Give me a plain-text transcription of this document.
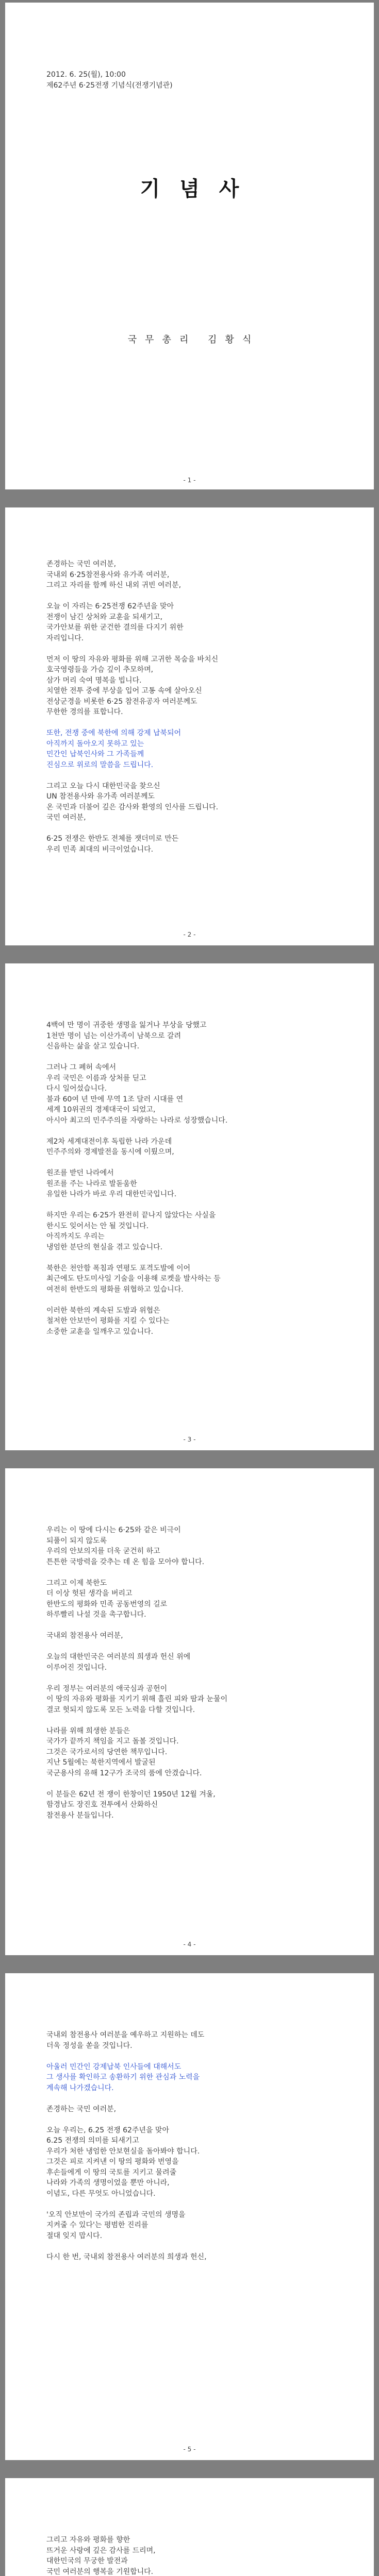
2012. 6. 25(월), 10:00
제62주년 6·25전쟁 기념식(전쟁기념관)
기념사
국무총리 김황식
- 1 -

존경하는 국민 여러분,
국내외 6·25참전용사와 유가족 여러분,
그리고 자리를 함께 하신 내외 귀빈 여러분,

오늘 이 자리는 6·25전쟁 62주년을 맞아
전쟁이 남긴 상처와 교훈을 되새기고,
국가안보를 위한 굳건한 결의를 다지기 위한
자리입니다.

먼저 이 땅의 자유와 평화를 위해 고귀한 목숨을 바치신
호국영령들을 가슴 깊이 추모하며,
삼가 머리 숙여 명복을 빕니다.
치열한 전투 중에 부상을 입어 고통 속에 살아오신
전상군경을 비롯한 6·25 참전유공자 여러분께도
무한한 경의를 표합니다.

또한, 전쟁 중에 북한에 의해 강제 납북되어
아직까지 돌아오지 못하고 있는
민간인 납북인사와 그 가족들께
진심으로 위로의 말씀을 드립니다.

그리고 오늘 다시 대한민국을 찾으신
UN 참전용사와 유가족 여러분께도
온 국민과 더불어 깊은 감사와 환영의 인사를 드립니다.
국민 여러분,

6·25 전쟁은 한반도 전체를 잿더미로 만든
우리 민족 최대의 비극이었습니다.

- 2 -

4백여 만 명이 귀중한 생명을 잃거나 부상을 당했고
1천만 명이 넘는 이산가족이 남북으로 갈려
신음하는 삶을 살고 있습니다.

그러나 그 폐허 속에서
우리 국민은 이름과 상처를 딛고
다시 일어섰습니다.
불과 60여 년 만에 무역 1조 달러 시대를 연
세계 10위권의 경제대국이 되었고,
아시아 최고의 민주주의를 자랑하는 나라로 성장했습니다.

제2차 세계대전이후 독립한 나라 가운데
민주주의와 경제발전을 동시에 이뤘으며,

원조를 받던 나라에서
원조를 주는 나라로 발돋움한
유일한 나라가 바로 우리 대한민국입니다.

하지만 우리는 6·25가 완전히 끝나지 않았다는 사실을
한시도 잊어서는 안 될 것입니다.
아직까지도 우리는
냉엄한 분단의 현실을 겪고 있습니다.

북한은 천안함 폭침과 연평도 포격도발에 이어
최근에도 탄도미사일 기술을 이용해 로켓을 발사하는 등
여전히 한반도의 평화를 위협하고 있습니다.

이러한 북한의 계속된 도발과 위협은
철저한 안보만이 평화를 지킬 수 있다는
소중한 교훈을 일깨우고 있습니다.

- 3 -

우리는 이 땅에 다시는 6·25와 같은 비극이
되풀이 되지 않도록
우리의 안보의지를 더욱 굳건히 하고
튼튼한 국방력을 갖추는 데 온 힘을 모아야 합니다.

그리고 이제 북한도
더 이상 헛된 생각을 버리고
한반도의 평화와 민족 공동번영의 길로
하루빨리 나설 것을 촉구합니다.

국내외 참전용사 여러분,

오늘의 대한민국은 여러분의 희생과 헌신 위에
이루어진 것입니다.

우리 정부는 여러분의 애국심과 공헌이
이 땅의 자유와 평화를 지키기 위해 흘린 피와 땀과 눈물이
결코 헛되지 않도록 모든 노력을 다할 것입니다.

나라를 위해 희생한 분들은
국가가 끝까지 책임을 지고 돌볼 것입니다.
그것은 국가로서의 당연한 책무입니다.
지난 5월에는 북한지역에서 발굴된
국군용사의 유해 12구가 조국의 품에 안겼습니다.

이 분들은 62년 전 쟁이 한창이던 1950년 12월 겨울,
함경남도 장진호 전투에서 산화하신
참전용사 분들입니다.

- 4 -

국내외 참전용사 여러분을 예우하고 지원하는 데도
더욱 정성을 쏟을 것입니다.

아울러 민간인 강제납북 인사들에 대해서도
그 생사를 확인하고 송환하기 위한 관심과 노력을
계속해 나가겠습니다.

존경하는 국민 여러분,

오늘 우리는, 6.25 전쟁 62주년을 맞아
6.25 전쟁의 의미를 되새기고
우리가 처한 냉엄한 안보현실을 돌아봐야 합니다.
그것은 피로 지켜낸 이 땅의 평화와 번영을
후손들에게 이 땅의 국토를 지키고 물려줄
나라와 가족의 생명이었을 뿐만 아니라,
이념도, 다른 무엇도 아니었습니다.

'오직 안보만이 국가의 존립과 국민의 생명을
지켜줄 수 있다'는 평범한 진리를
절대 잊지 맙시다.

다시 한 번, 국내외 참전용사 여러분의 희생과 헌신,

- 5 -

그리고 자유와 평화를 향한
뜨거운 사랑에 깊은 감사를 드리며,
대한민국의 무궁한 발전과
국민 여러분의 행복을 기원합니다.
